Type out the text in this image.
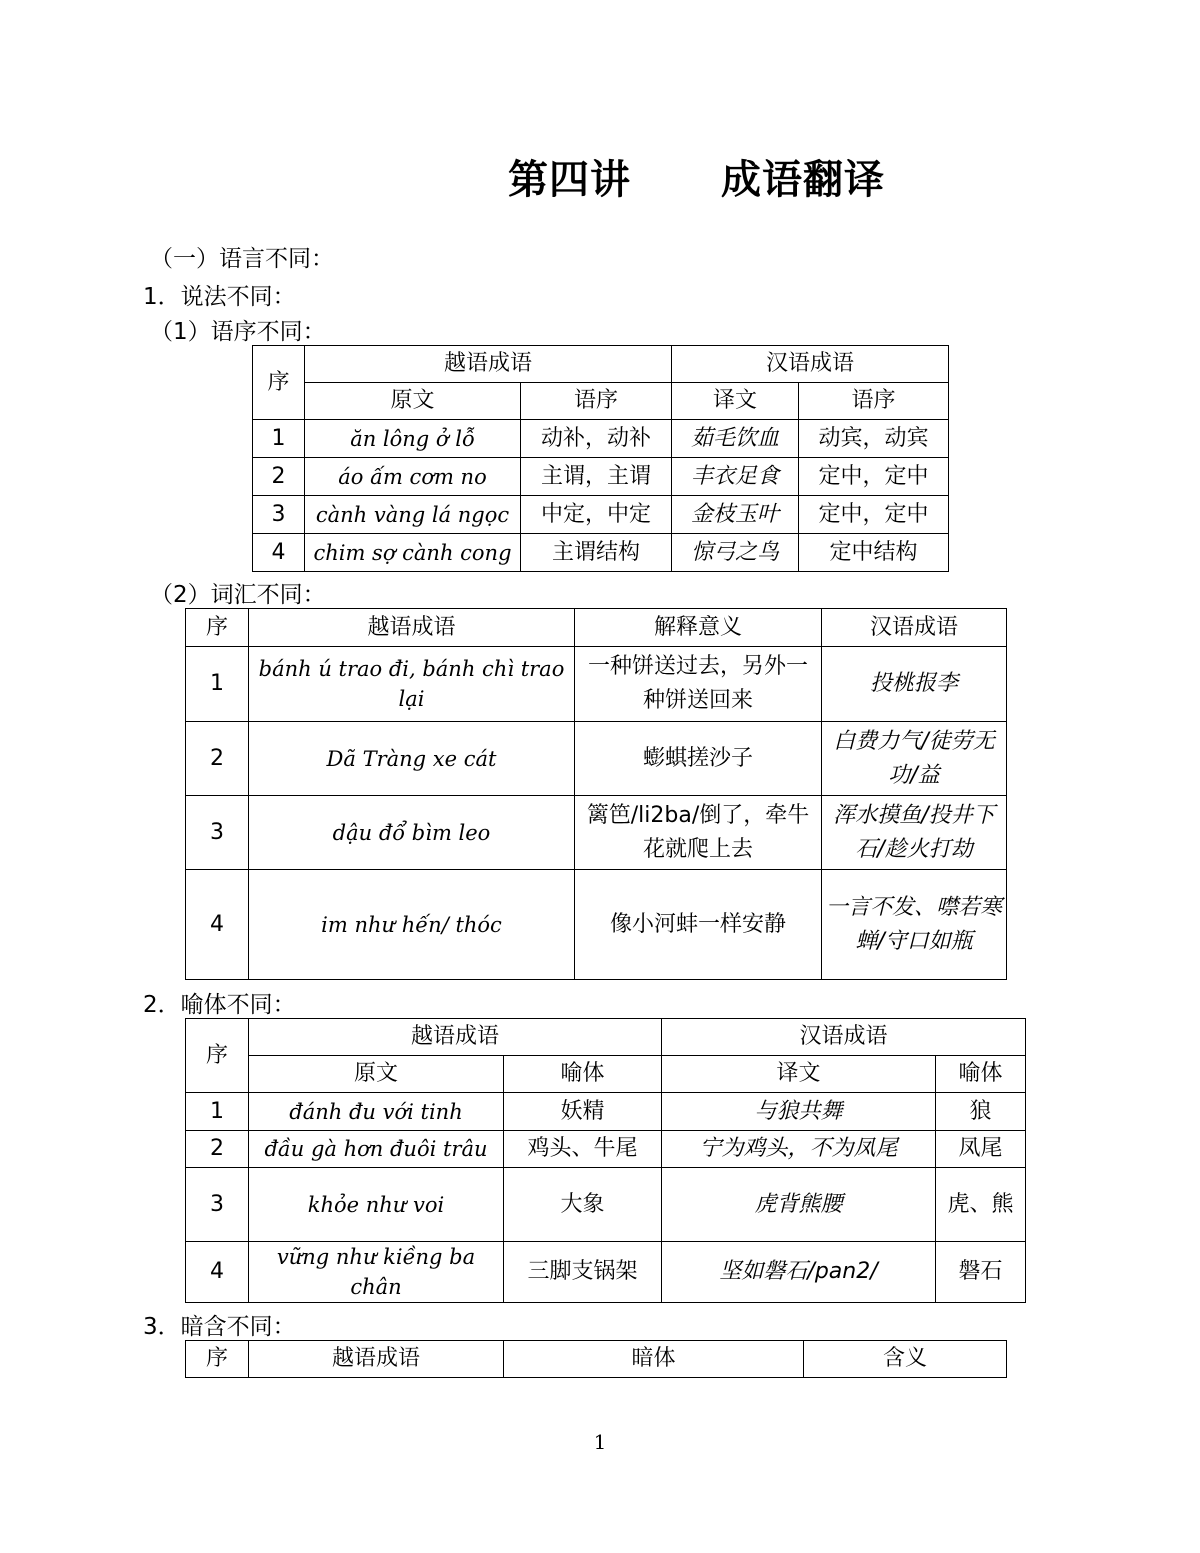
第四讲 成语翻译
（一）语言不同：
1．说法不同：
（1）语序不同：
序	越语成语		汉语成语	
	原文	语序	译文	语序
1	ăn lông ở lỗ	动补，动补	茹毛饮血	动宾，动宾
2	áo ấm cơm no	主谓，主谓	丰衣足食	定中，定中
3	cành vàng lá ngọc	中定，中定	金枝玉叶	定中，定中
4	chim sợ cành cong	主谓结构	惊弓之鸟	定中结构
（2）词汇不同：
序	越语成语	解释意义	汉语成语
1	bánh ú trao đi, bánh chì trao lại	一种饼送过去，另外一种饼送回来	投桃报李
2	Dã Tràng xe cát	蟛蜞搓沙子	白费力气/徒劳无功/益
3	dậu đổ bìm leo	篱笆/li2ba/倒了，牵牛花就爬上去	浑水摸鱼/投井下石/趁火打劫
4	im như hến/ thóc	像小河蚌一样安静	一言不发、噤若寒蝉/守口如瓶
2．喻体不同：
序	越语成语		汉语成语	
	原文	喻体	译文	喻体
1	đánh đu với tinh	妖精	与狼共舞	狼
2	đầu gà hơn đuôi trâu	鸡头、牛尾	宁为鸡头，不为凤尾	凤尾
3	khỏe như voi	大象	虎背熊腰	虎、熊
4	vững như kiềng ba chân	三脚支锅架	坚如磐石/pan2/	磐石
3．暗含不同：
序	越语成语	暗体	含义
1
